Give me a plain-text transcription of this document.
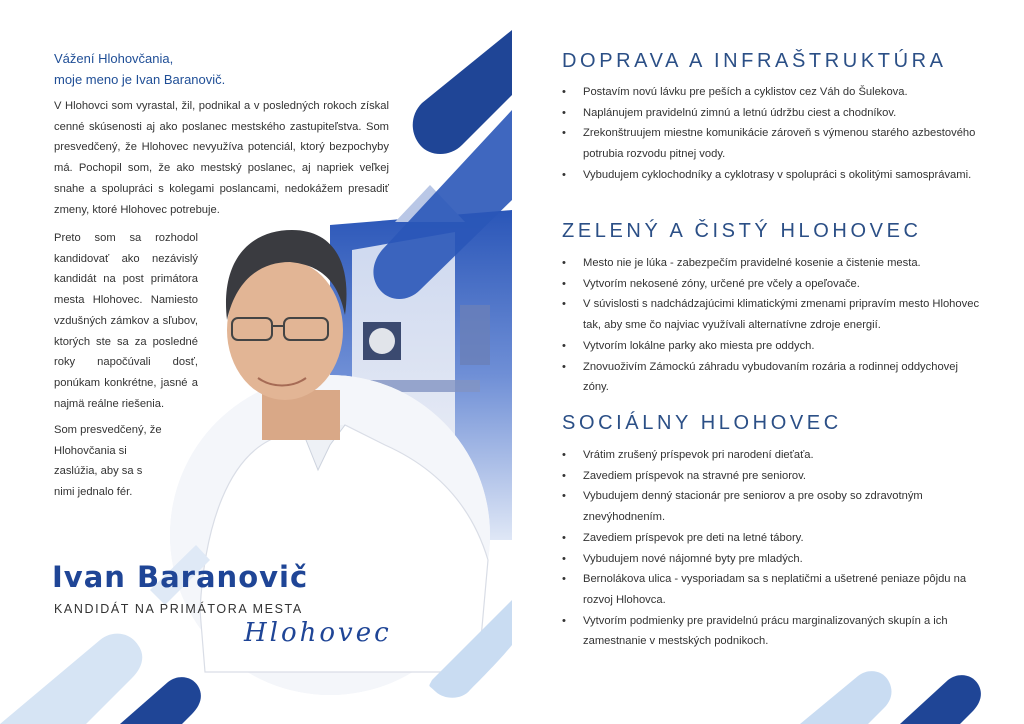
Vážení Hlohovčania,
moje meno je Ivan Baranovič.
V Hlohovci som vyrastal, žil, podnikal a v posledných rokoch získal cenné skúsenosti aj ako poslanec mestského zastupiteľstva. Som presvedčený, že Hlohovec nevyužíva potenciál, ktorý bezpochyby má. Pochopil som, že ako mestský poslanec, aj napriek veľkej snahe a spolupráci s kolegami poslancami, nedokážem presadiť zmeny, ktoré Hlohovec potrebuje.
Preto som sa rozhodol kandidovať ako nezávislý kandidát na post primátora mesta Hlohovec. Namiesto vzdušných zámkov a sľubov, ktorých ste sa za posledné roky napočúvali dosť, ponúkam konkrétne, jasné a najmä reálne riešenia.
Som presvedčený, že Hlohovčania si zaslúžia, aby sa s nimi jednalo fér.
Ivan Baranovič
KANDIDÁT NA PRIMÁTORA MESTA
Hlohovec
DOPRAVA A INFRAŠTRUKTÚRA
• Postavím novú lávku pre peších a cyklistov cez Váh do Šulekova.
• Naplánujem pravidelnú zimnú a letnú údržbu ciest a chodníkov.
• Zrekonštruujem miestne komunikácie zároveň s výmenou starého azbestového potrubia rozvodu pitnej vody.
• Vybudujem cyklochodníky a cyklotrasy v spolupráci s okolitými samosprávami.
ZELENÝ A ČISTÝ HLOHOVEC
• Mesto nie je lúka - zabezpečím pravidelné kosenie a čistenie mesta.
• Vytvorím nekosené zóny, určené pre včely a opeľovače.
• V súvislosti s nadchádzajúcimi klimatickými zmenami pripravím mesto Hlohovec tak, aby sme čo najviac využívali alternatívne zdroje energií.
• Vytvorím lokálne parky ako miesta pre oddych.
• Znovuoživím Zámockú záhradu vybudovaním rozária a rodinnej oddychovej zóny.
SOCIÁLNY HLOHOVEC
• Vrátim zrušený príspevok pri narodení dieťaťa.
• Zavediem príspevok na stravné pre seniorov.
• Vybudujem denný stacionár pre seniorov a pre osoby so zdravotným znevýhodnením.
• Zavediem príspevok pre deti na letné tábory.
• Vybudujem nové nájomné byty pre mladých.
• Bernolákova ulica - vysporiadam sa s neplatičmi a ušetrené peniaze pôjdu na rozvoj Hlohovca.
• Vytvorím podmienky pre pravidelnú prácu marginalizovaných skupín a ich zamestnanie v mestských podnikoch.
